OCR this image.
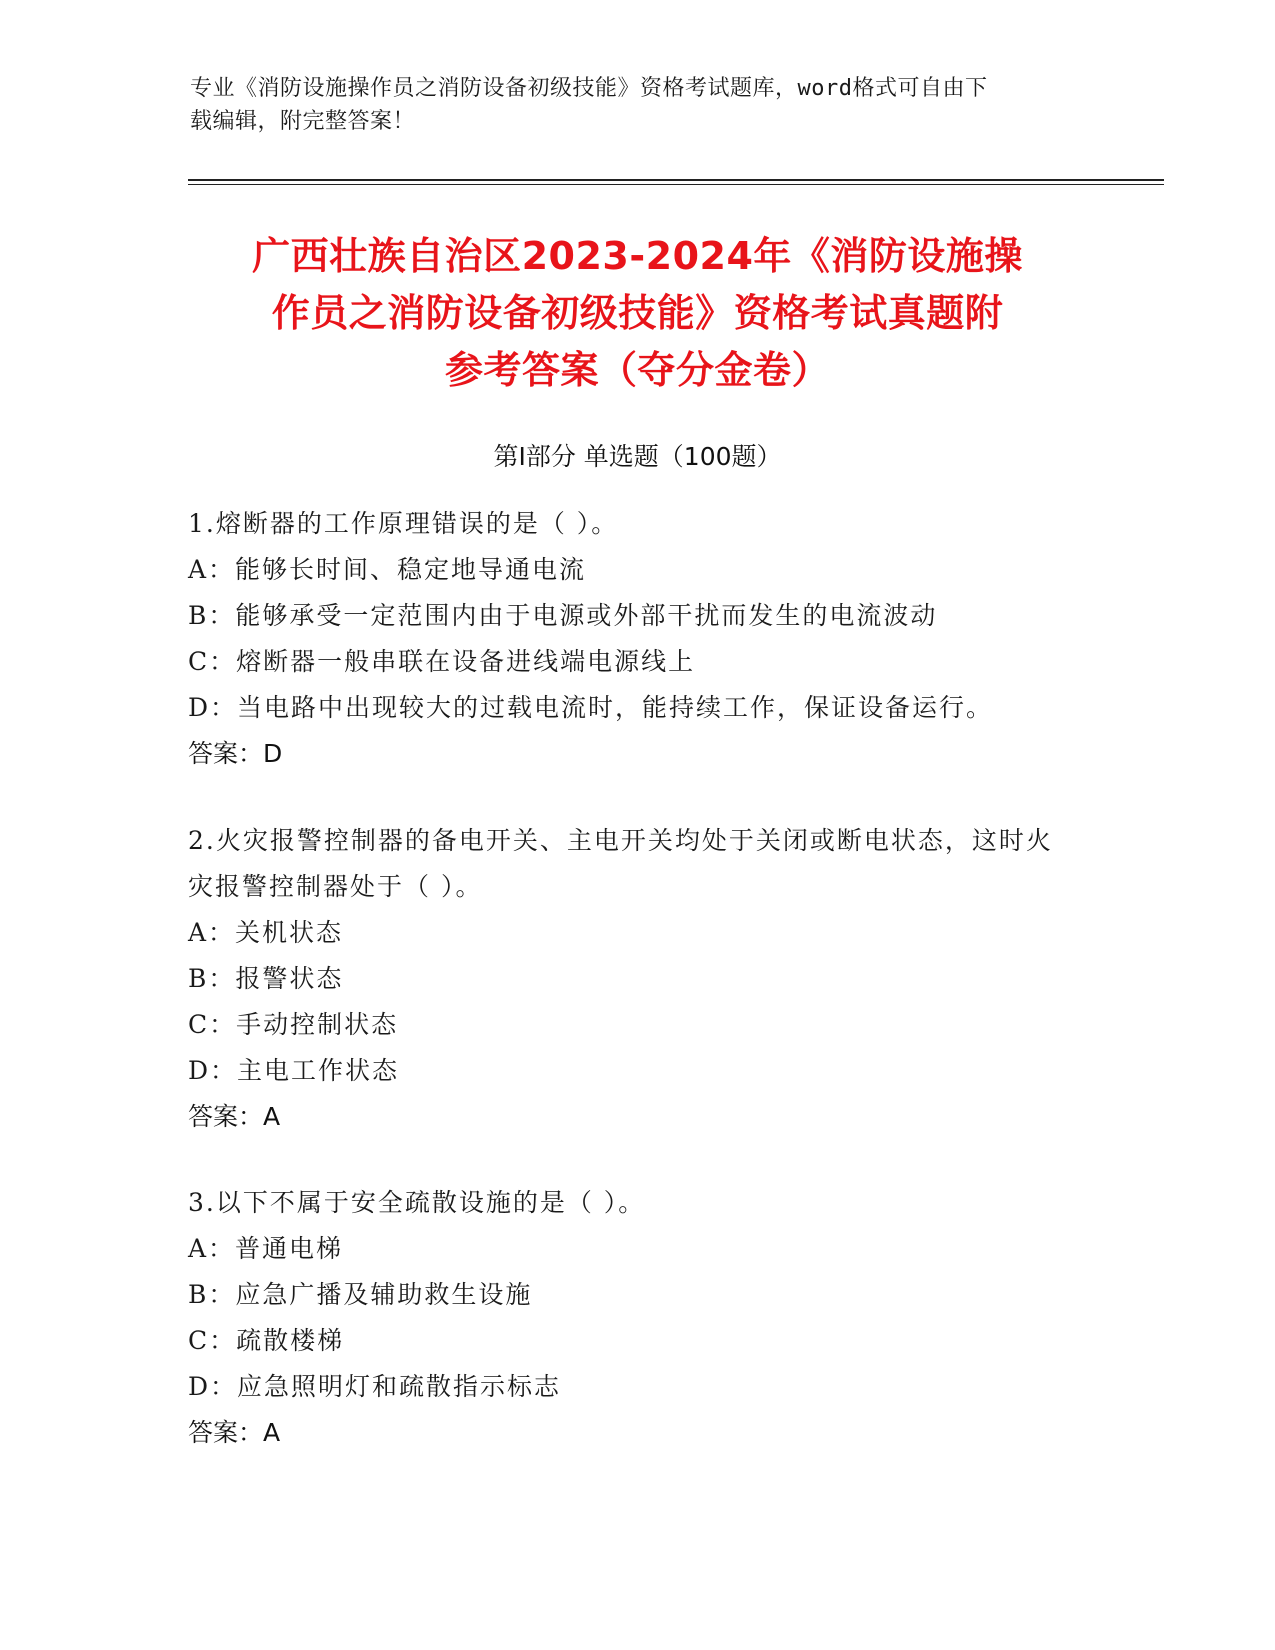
专业《消防设施操作员之消防设备初级技能》资格考试题库，word格式可自由下
载编辑，附完整答案！
广西壮族自治区2023-2024年《消防设施操
作员之消防设备初级技能》资格考试真题附
参考答案（夺分金卷）
第Ⅰ部分 单选题（100题）
1.熔断器的工作原理错误的是（ ）。
A：能够长时间、稳定地导通电流
B：能够承受一定范围内由于电源或外部干扰而发生的电流波动
C：熔断器一般串联在设备进线端电源线上
D：当电路中出现较大的过载电流时，能持续工作，保证设备运行。
答案：D
2.火灾报警控制器的备电开关、主电开关均处于关闭或断电状态，这时火灾报警控制器处于（ ）。
A：关机状态
B：报警状态
C：手动控制状态
D：主电工作状态
答案：A
3.以下不属于安全疏散设施的是（ ）。
A：普通电梯
B：应急广播及辅助救生设施
C：疏散楼梯
D：应急照明灯和疏散指示标志
答案：A
